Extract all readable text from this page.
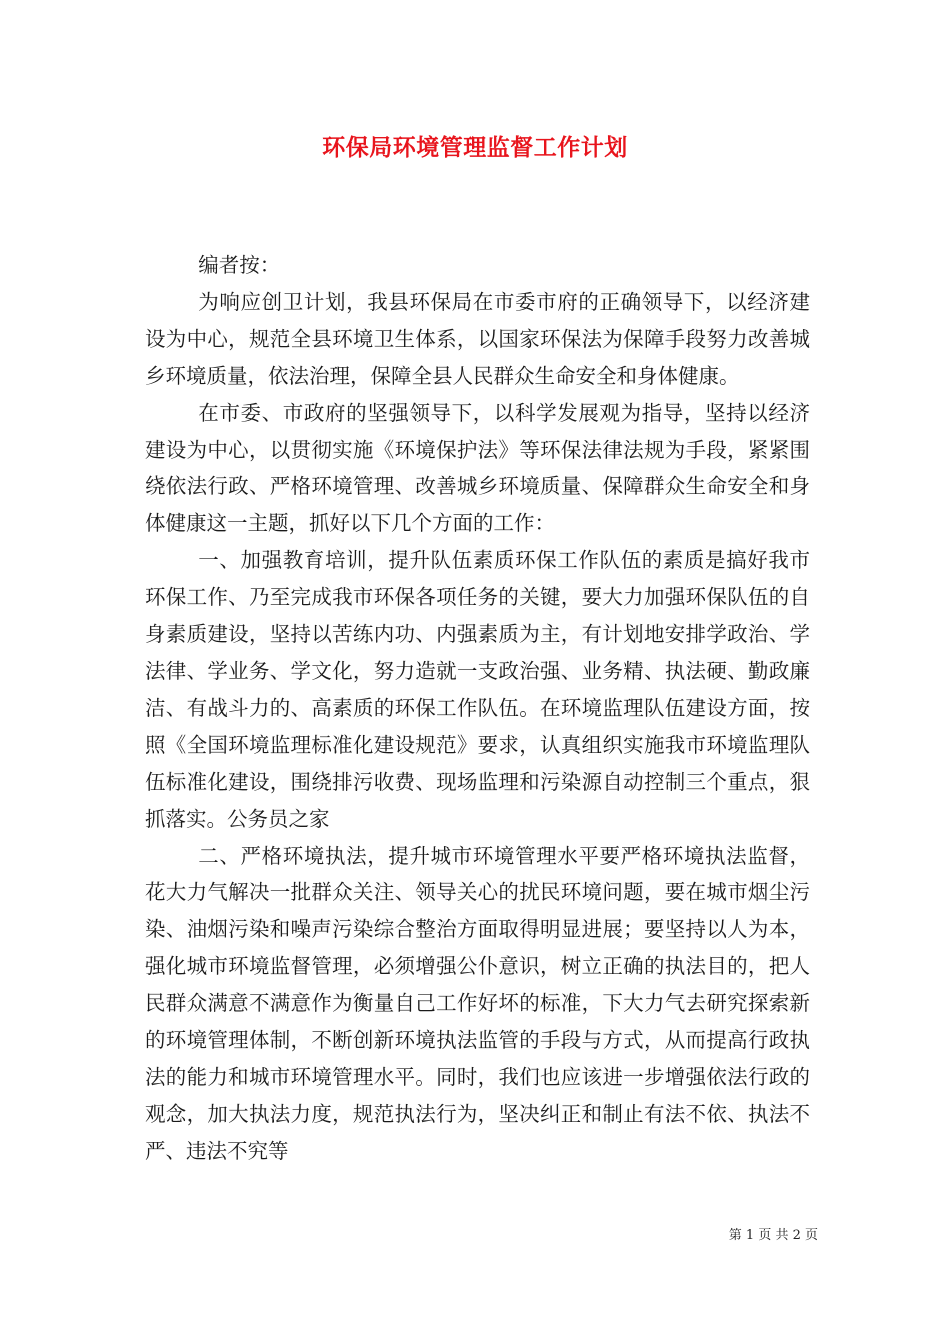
环保局环境管理监督工作计划

编者按：

为响应创卫计划，我县环保局在市委市府的正确领导下，以经济建设为中心，规范全县环境卫生体系，以国家环保法为保障手段努力改善城乡环境质量，依法治理，保障全县人民群众生命安全和身体健康。

在市委、市政府的坚强领导下，以科学发展观为指导，坚持以经济建设为中心，以贯彻实施《环境保护法》等环保法律法规为手段，紧紧围绕依法行政、严格环境管理、改善城乡环境质量、保障群众生命安全和身体健康这一主题，抓好以下几个方面的工作：

一、加强教育培训，提升队伍素质环保工作队伍的素质是搞好我市环保工作、乃至完成我市环保各项任务的关键，要大力加强环保队伍的自身素质建设，坚持以苦练内功、内强素质为主，有计划地安排学政治、学法律、学业务、学文化，努力造就一支政治强、业务精、执法硬、勤政廉洁、有战斗力的、高素质的环保工作队伍。在环境监理队伍建设方面，按照《全国环境监理标准化建设规范》要求，认真组织实施我市环境监理队伍标准化建设，围绕排污收费、现场监理和污染源自动控制三个重点，狠抓落实。公务员之家

二、严格环境执法，提升城市环境管理水平要严格环境执法监督，花大力气解决一批群众关注、领导关心的扰民环境问题，要在城市烟尘污染、油烟污染和噪声污染综合整治方面取得明显进展；要坚持以人为本，强化城市环境监督管理，必须增强公仆意识，树立正确的执法目的，把人民群众满意不满意作为衡量自己工作好坏的标准，下大力气去研究探索新的环境管理体制，不断创新环境执法监管的手段与方式，从而提高行政执法的能力和城市环境管理水平。同时，我们也应该进一步增强依法行政的观念，加大执法力度，规范执法行为，坚决纠正和制止有法不依、执法不严、违法不究等

第 1 页 共 2 页
